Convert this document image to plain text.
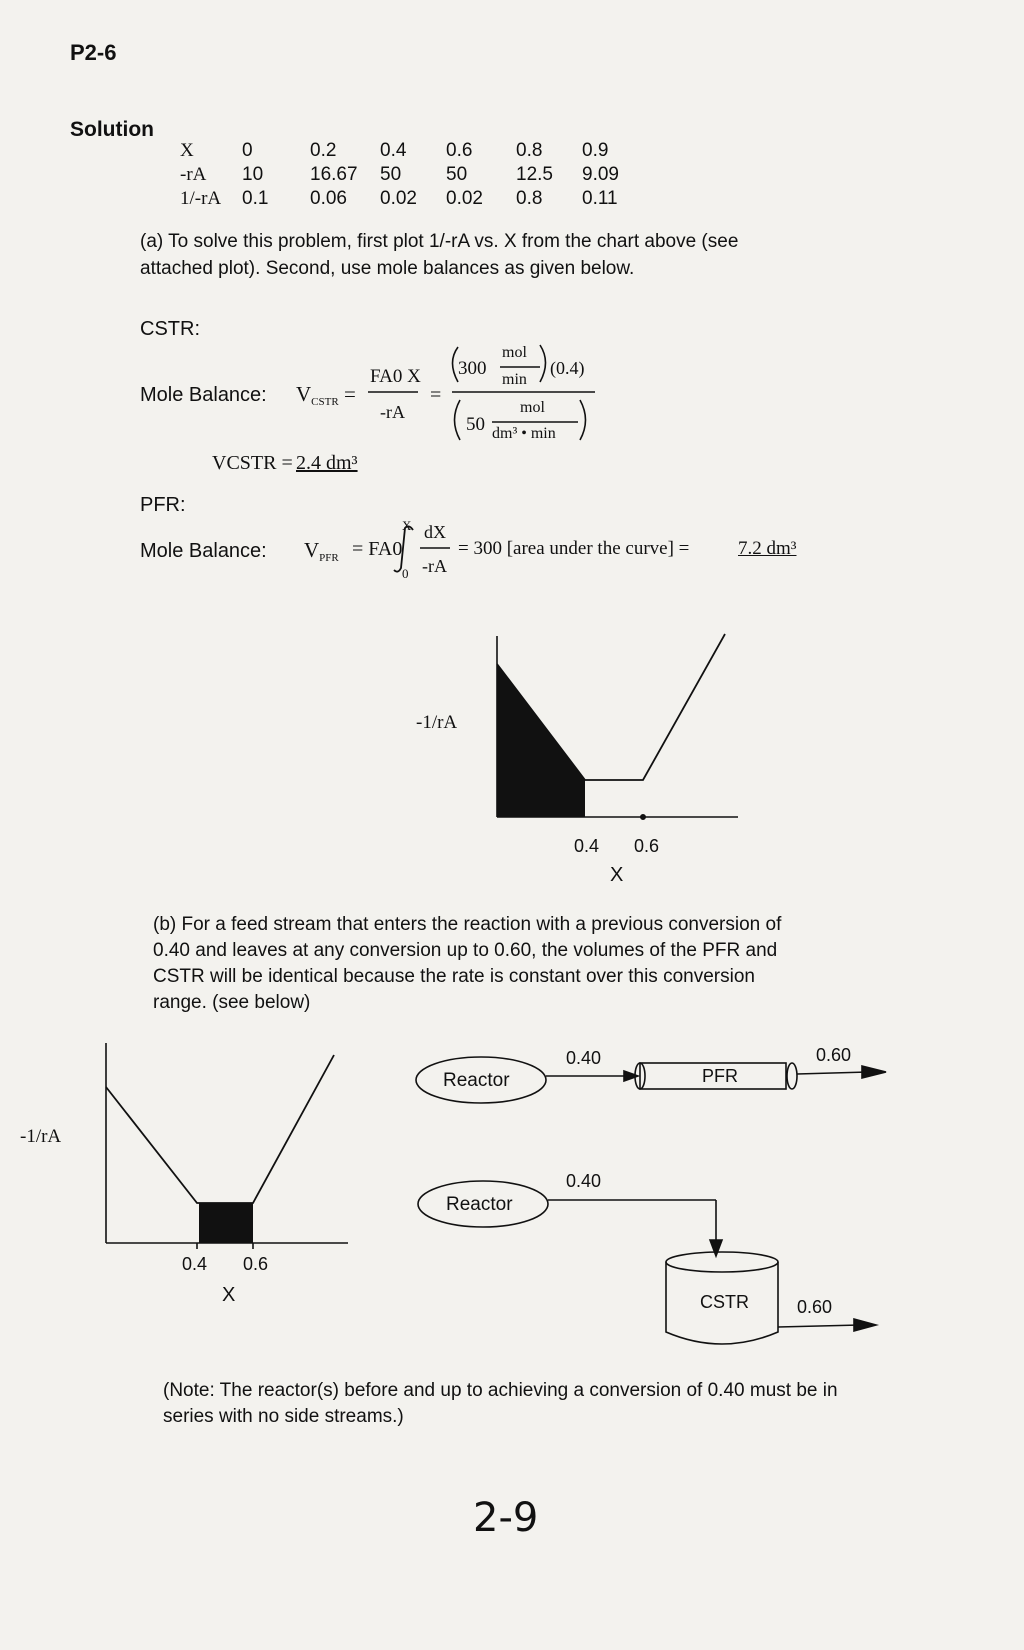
P2-6
Solution
X	0	0.2 0.4 0.6 0.8 0.9
-rA 10 16.67 50 50	12.5 9.09
1/-rA 0.1 0.06 0.02 0.02 0.8 0.11
(a) To solve this problem, first plot 1/-rA vs. X from the chart above (see attached plot). Second, use mole balances as given below.
CSTR:
Mole Balance: $V_{CSTR}$ =
FA0 X
-rA
=
300
mol
min
(0.4)
50
mol
dm³ • min
VCSTR = 2.4 dm³
PFR:
Mole Balance: $V_{PFR} = FA0$
X
0
dX
-rA
= 300 [area under the curve] =	7.2 dm³
-1/rA
0.4 0.6
X
(b) For a feed stream that enters the reaction with a previous conversion of 0.40 and leaves at any conversion up to 0.60, the volumes of the PFR and CSTR will be identical because the rate is constant over this conversion range. (see below)
-1/rA
0.4 0.6
X
Reactor
0.40
PFR
0.60
Reactor
0.40
CSTR	0.60
(Note: The reactor(s) before and up to achieving a conversion of 0.40 must be in series with no side streams.)
2-9
